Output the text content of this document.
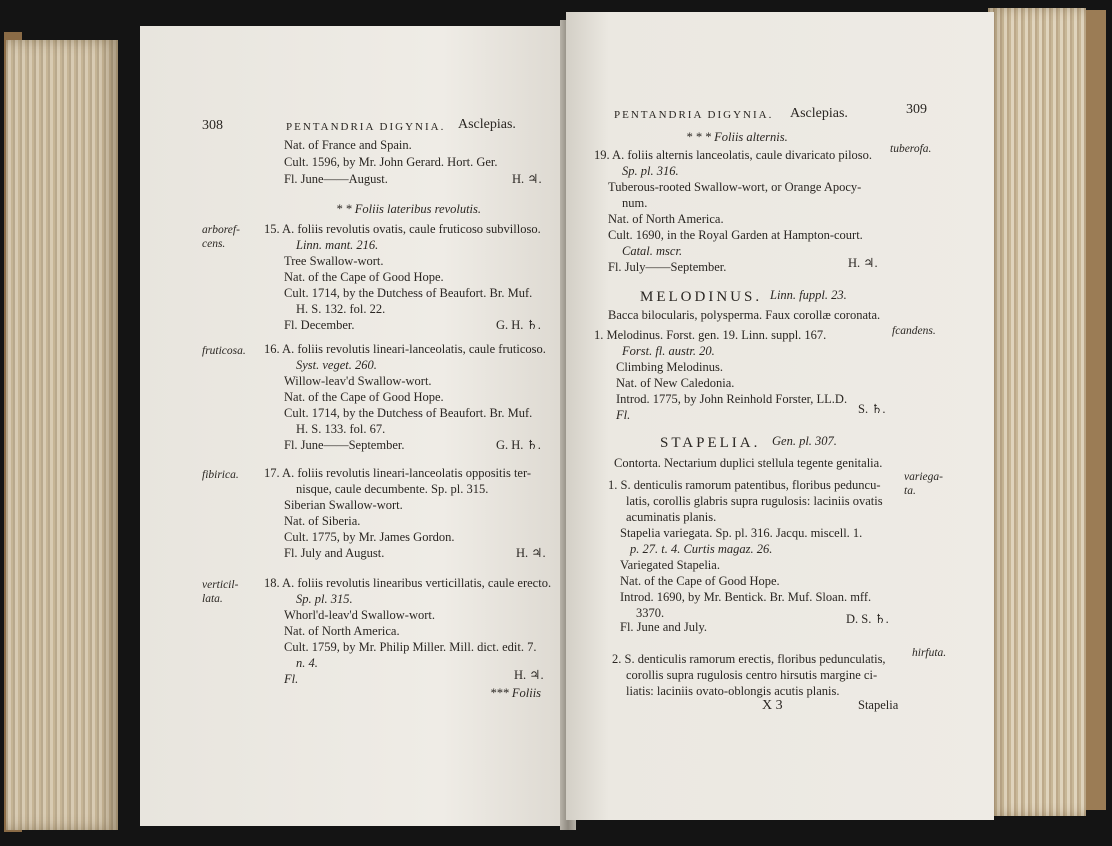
308	PENTANDRIA DIGYNIA. Asclepias.
Nat. of France and Spain.
Cult. 1596, by Mr. John Gerard. Hort. Ger.
Fl. June——August.	H. ♃.
* * Foliis lateribus revolutis.
arboref-
cens.
15. A. foliis revolutis ovatis, caule fruticoso subvilloso.
Linn. mant. 216.
Tree Swallow-wort.
Nat. of the Cape of Good Hope.
Cult. 1714, by the Dutchess of Beaufort. Br. Muf.
H. S. 132. fol. 22.
Fl. December.	G. H. ♄.
fruticosa. 16. A. foliis revolutis lineari-lanceolatis, caule fruticoso.
Syst. veget. 260.
Willow-leav'd Swallow-wort.
Nat. of the Cape of Good Hope.
Cult. 1714, by the Dutchess of Beaufort. Br. Muf.
H. S. 133. fol. 67.
Fl. June——September.	G. H. ♄.
fibirica. 17. A. foliis revolutis lineari-lanceolatis oppositis ter-
nisque, caule decumbente. Sp. pl. 315.
Siberian Swallow-wort.
Nat. of Siberia.
Cult. 1775, by Mr. James Gordon.
Fl. July and August.	H. ♃.
verticil-
lata.
18. A. foliis revolutis linearibus verticillatis, caule erecto.
Sp. pl. 315.
Whorl'd-leav'd Swallow-wort.
Nat. of North America.
Cult. 1759, by Mr. Philip Miller. Mill. dict. edit. 7.
n. 4.
Fl.	H. ♃.
*** Foliis
PENTANDRIA DIGYNIA. Asclepias.	309
* * * Foliis alternis.
19. A. foliis alternis lanceolatis, caule divaricato piloso. tuberofa.
Sp. pl. 316.
Tuberous-rooted Swallow-wort, or Orange Apocy-
num.
Nat. of North America.
Cult. 1690, in the Royal Garden at Hampton-court.
Catal. mscr.
Fl. July——September.	H. ♃.
MELODINUS. Linn. fuppl. 23.
Bacca bilocularis, polysperma. Faux corollæ coronata.
1. Melodinus. Forst. gen. 19. Linn. suppl. 167.	fcandens.
Forst. fl. austr. 20.
Climbing Melodinus.
Nat. of New Caledonia.
Introd. 1775, by John Reinhold Forster, LL.D.
Fl.	S. ♄.
STAPELIA. Gen. pl. 307.
Contorta. Nectarium duplici stellula tegente genitalia.
1. S. denticulis ramorum patentibus, floribus peduncu-
variega-
ta.
latis, corollis glabris supra rugulosis: laciniis ovatis
acuminatis planis.
Stapelia variegata. Sp. pl. 316. Jacqu. miscell. 1.
p. 27. t. 4. Curtis magaz. 26.
Variegated Stapelia.
Nat. of the Cape of Good Hope.
Introd. 1690, by Mr. Bentick. Br. Muf. Sloan. mff.
3370.
Fl. June and July.
D. S. ♄.
2. S. denticulis ramorum erectis, floribus pedunculatis, hirfuta.
corollis supra rugulosis centro hirsutis margine ci-
liatis: laciniis ovato-oblongis acutis planis.
X 3	Stapelia
